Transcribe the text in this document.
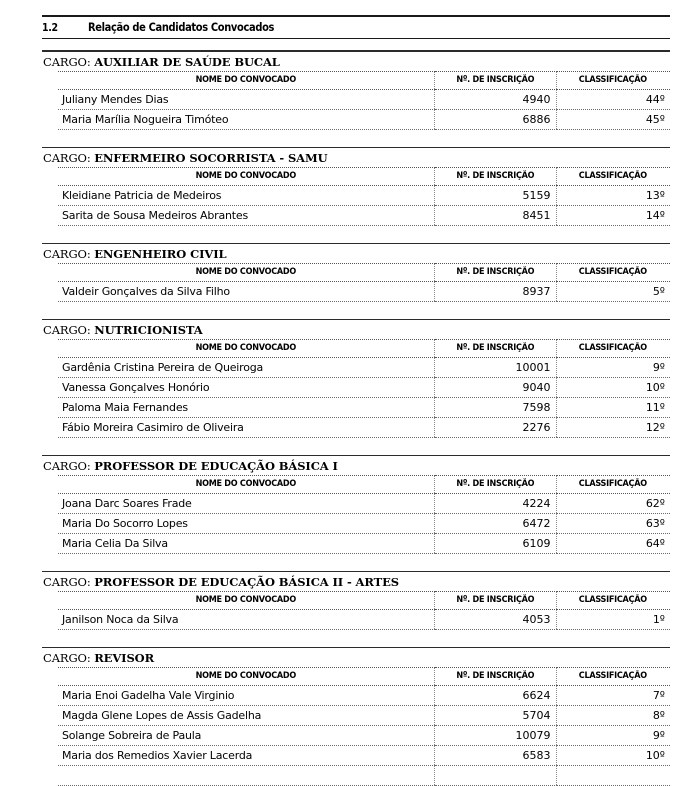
1.2	Relação de Candidatos Convocados
CARGO: AUXILIAR DE SAÚDE BUCAL
NOME DO CONVOCADO	Nº. DE INSCRIÇÃO	CLASSIFICAÇÃO
Juliany Mendes Dias	4940	44º
Maria Marília Nogueira Timóteo	6886	45º
CARGO: ENFERMEIRO SOCORRISTA - SAMU
NOME DO CONVOCADO	Nº. DE INSCRIÇÃO	CLASSIFICAÇÃO
Kleidiane Patricia de Medeiros	5159	13º
Sarita de Sousa Medeiros Abrantes	8451	14º
CARGO: ENGENHEIRO CIVIL
NOME DO CONVOCADO	Nº. DE INSCRIÇÃO	CLASSIFICAÇÃO
Valdeir Gonçalves da Silva Filho	8937	5º
CARGO: NUTRICIONISTA
NOME DO CONVOCADO	Nº. DE INSCRIÇÃO	CLASSIFICAÇÃO
Gardênia Cristina Pereira de Queiroga	10001	9º
Vanessa Gonçalves Honório	9040	10º
Paloma Maia Fernandes	7598	11º
Fábio Moreira Casimiro de Oliveira	2276	12º
CARGO: PROFESSOR DE EDUCAÇÃO BÁSICA I
NOME DO CONVOCADO	Nº. DE INSCRIÇÃO	CLASSIFICAÇÃO
Joana Darc Soares Frade	4224	62º
Maria Do Socorro Lopes	6472	63º
Maria Celia Da Silva	6109	64º
CARGO: PROFESSOR DE EDUCAÇÃO BÁSICA II - ARTES
NOME DO CONVOCADO	Nº. DE INSCRIÇÃO	CLASSIFICAÇÃO
Janilson Noca da Silva	4053	1º
CARGO: REVISOR
NOME DO CONVOCADO	Nº. DE INSCRIÇÃO	CLASSIFICAÇÃO
Maria Enoi Gadelha Vale Virginio	6624	7º
Magda Glene Lopes de Assis Gadelha	5704	8º
Solange Sobreira de Paula	10079	9º
Maria dos Remedios Xavier Lacerda	6583	10º
